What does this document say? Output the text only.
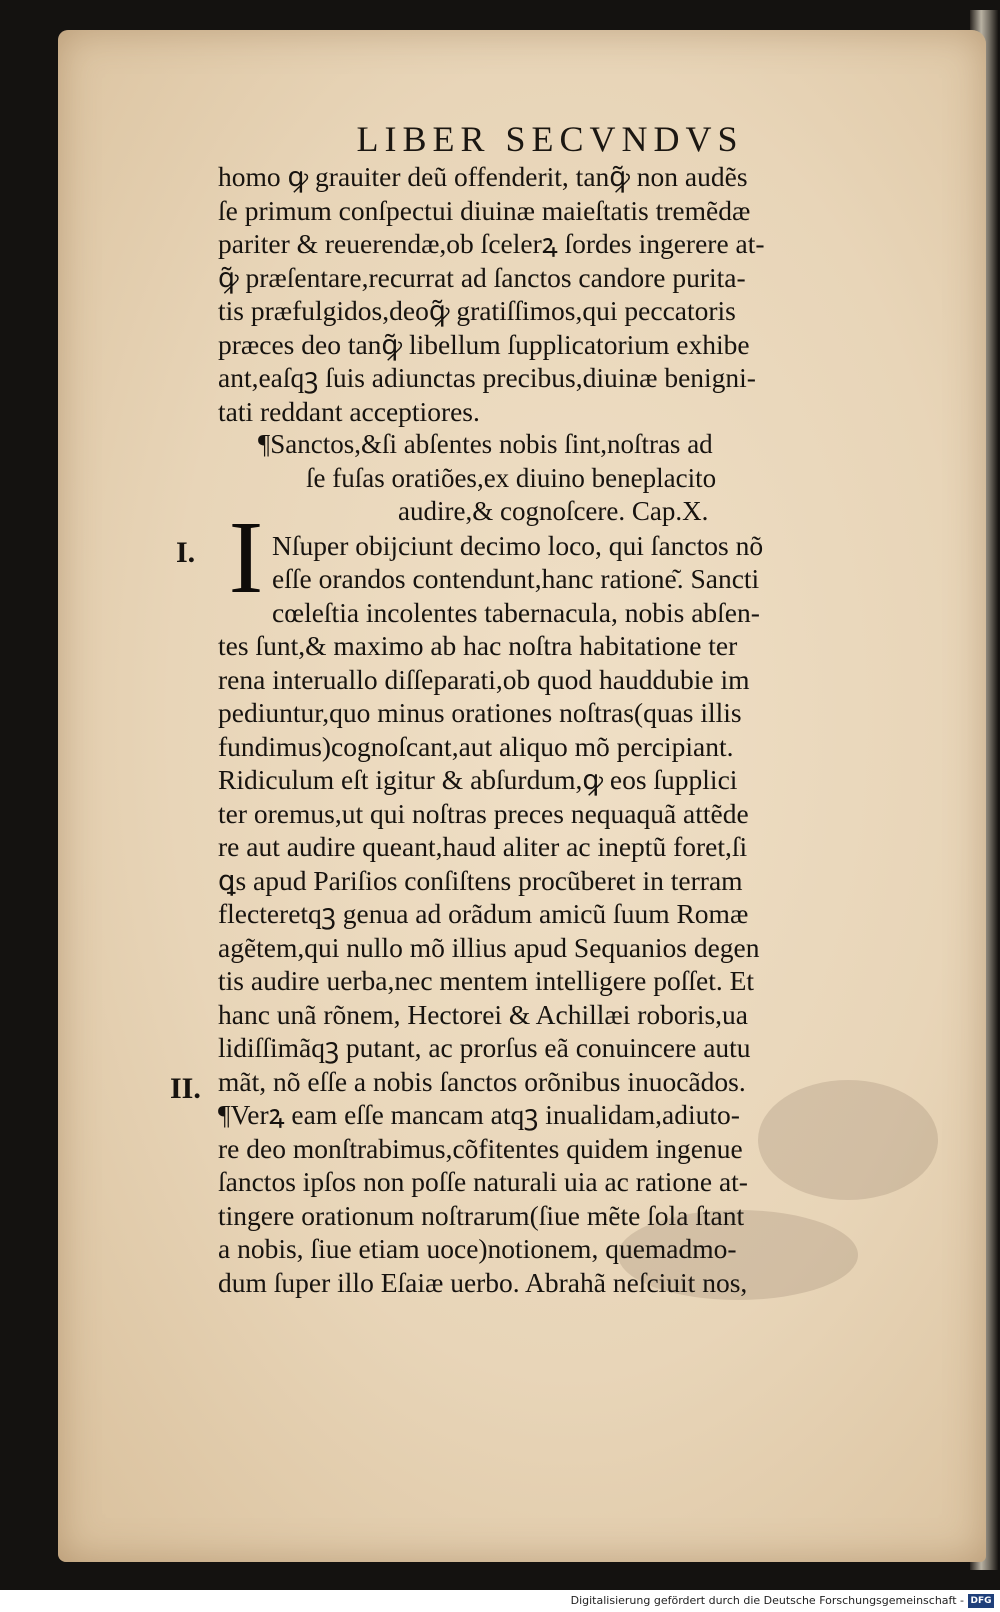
LIBER SECVNDVS
homo ꝙ grauiter deũ offenderit, tanꝙ̃ non audẽs
ſe primum conſpectui diuinæ maieſtatis tremẽdæ
pariter & reuerendæ,ob ſcelerꝝ ſordes ingerere at-
ꝙ̃ præſentare,recurrat ad ſanctos candore purita-
tis præfulgidos,deoꝙ̃ gratiſſimos,qui peccatoris
præces deo tanꝙ̃ libellum ſupplicatorium exhibe
ant,eaſqꝫ ſuis adiunctas precibus,diuinæ benigni-
tati reddant acceptiores.
¶Sanctos,&ſi abſentes nobis ſint,noſtras ad
ſe fuſas oratiões,ex diuino beneplacito
audire,& cognoſcere. Cap.X.
Nſuper obijciunt decimo loco, qui ſanctos nõ
eſſe orandos contendunt,hanc ratione͂. Sancti
cœleſtia incolentes tabernacula, nobis abſen-
tes ſunt,& maximo ab hac noſtra habitatione ter
rena interuallo diſſeparati,ob quod hauddubie im
pediuntur,quo minus orationes noſtras(quas illis
fundimus)cognoſcant,aut aliquo mõ percipiant.
Ridiculum eſt igitur & abſurdum,ꝙ eos ſupplici
ter oremus,ut qui noſtras preces nequaquã attẽde
re aut audire queant,haud aliter ac ineptũ foret,ſi
ꝗs apud Pariſios conſiſtens procũberet in terram
flecteretqꝫ genua ad orãdum amicũ ſuum Romæ
agẽtem,qui nullo mõ illius apud Sequanios degen
tis audire uerba,nec mentem intelligere poſſet. Et
hanc unã rõnem, Hectorei & Achillæi roboris,ua
lidiſſimãqꝫ putant, ac prorſus eã conuincere autu
mãt, nõ eſſe a nobis ſanctos orõnibus inuocãdos.
¶Verꝝ eam eſſe mancam atqꝫ inualidam,adiuto-
re deo monſtrabimus,cõfitentes quidem ingenue
ſanctos ipſos non poſſe naturali uia ac ratione at-
tingere orationum noſtrarum(ſiue mẽte ſola ſtant
a nobis, ſiue etiam uoce)notionem, quemadmo-
dum ſuper illo Eſaiæ uerbo. Abrahã neſciuit nos,
I
I.
II.
Digitalisierung gefördert durch die Deutsche Forschungsgemeinschaft - DFG
